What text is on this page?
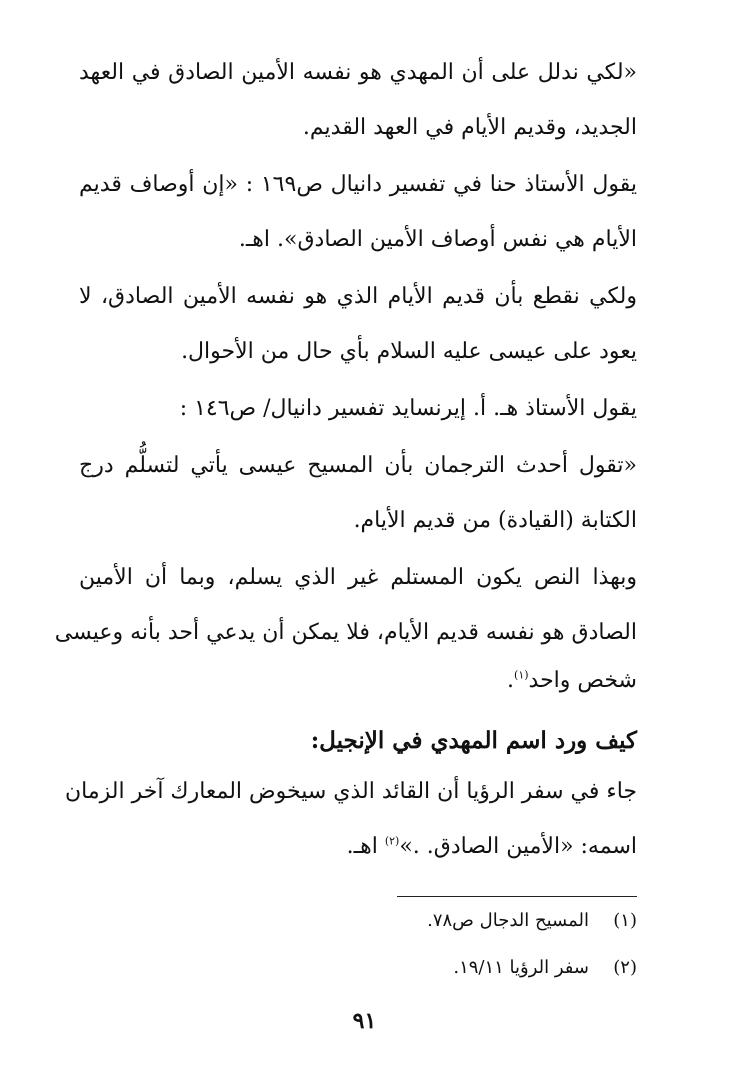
«لكي ندلل على أن المهدي هو نفسه الأمين الصادق في العهد
الجديد، وقديم الأيام في العهد القديم.
يقول الأستاذ حنا في تفسير دانيال ص١٦٩ : «إن أوصاف قديم
الأيام هي نفس أوصاف الأمين الصادق». اهـ.
ولكي نقطع بأن قديم الأيام الذي هو نفسه الأمين الصادق، لا
يعود على عيسى عليه السلام بأي حال من الأحوال.
يقول الأستاذ هـ. أ. إيرنسايد تفسير دانيال/ ص١٤٦ :
«تقول أحدث الترجمان بأن المسيح عيسى يأتي لتسلُّم درج
الكتابة (القيادة) من قديم الأيام.
وبهذا النص يكون المستلم غير الذي يسلم، وبما أن الأمين
الصادق هو نفسه قديم الأيام، فلا يمكن أن يدعي أحد بأنه وعيسى
شخص واحد$^{(١)}$.
كيف ورد اسم المهدي في الإنجيل:
جاء في سفر الرؤيا أن القائد الذي سيخوض المعارك آخر الزمان
اسمه: «الأمين الصادق. .»$^{(٢)}$ اهـ.
(١)المسيح الدجال ص٧٨.
(٢)سفر الرؤيا ١٩/١١.
٩١
